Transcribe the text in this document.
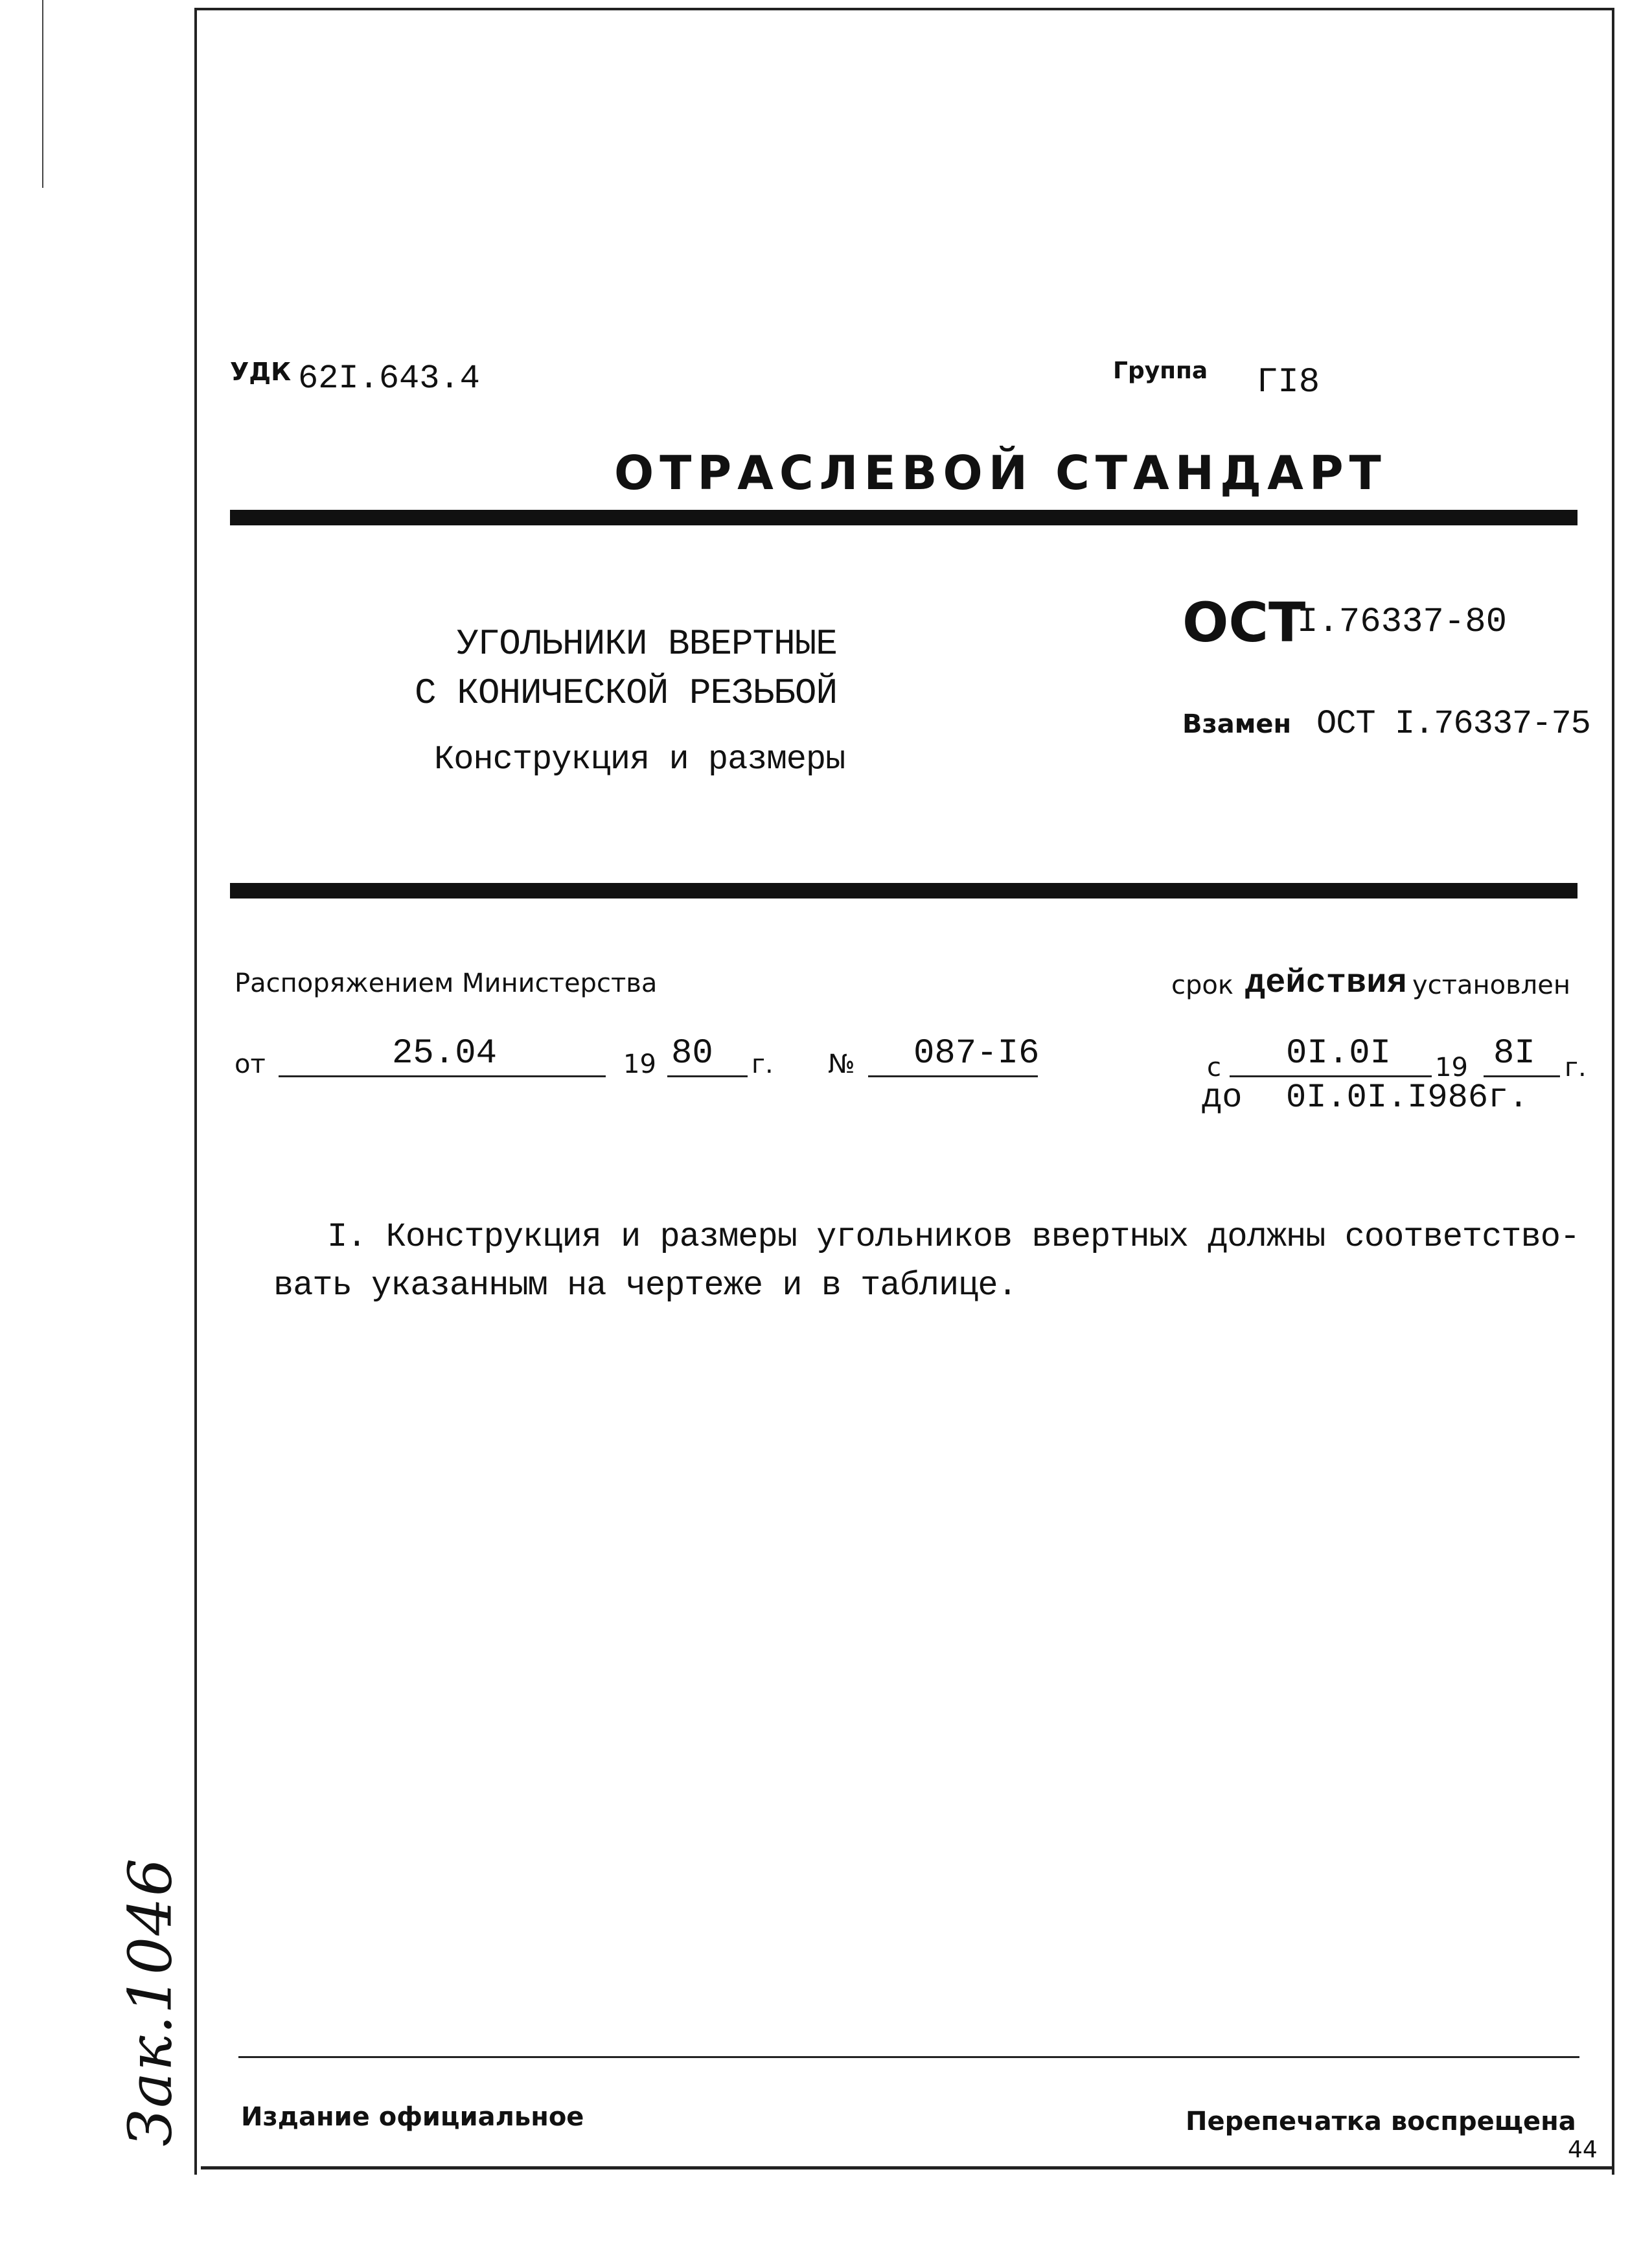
УДК 62I.643.4	Группа ГI8
ОТРАСЛЕВОЙ СТАНДАРТ
УГОЛЬНИКИ ВВЕРТНЫЕ
С КОНИЧЕСКОЙ РЕЗЬБОЙ
Конструкция и размеры
ОСТ
I.76337-80
Взамен ОСТ I.76337-75
Распоряжением Министерства
от	25.04	19 80 г. № 087-I6
срок действия установлен
с 0I.0I 19 8I г.
до 0I.0I.I986г.
I. Конструкция и размеры угольников ввертных должны соответство-
вать указанным на чертеже и в таблице.
Зак.1046 Издание официальное	Перепечатка воспрещена
44
